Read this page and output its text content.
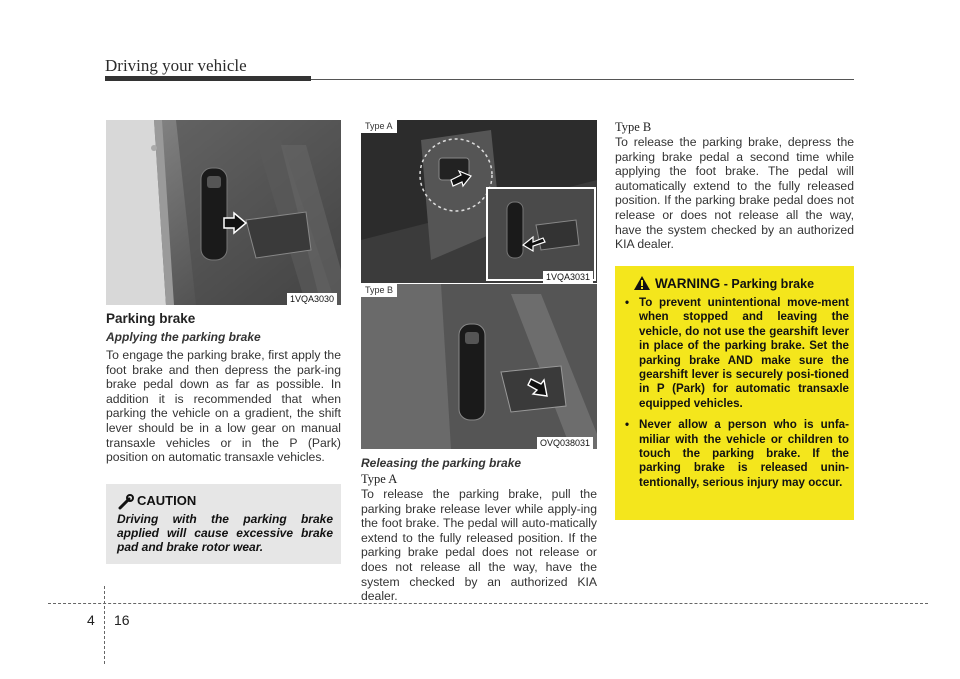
Driving your vehicle
1VQA3030
Type A
1VQA3031
Type B
OVQ038031
Parking brake
Applying the parking brake
To engage the parking brake, first apply the foot brake and then depress the park-ing brake pedal down as far as possible. In addition it is recommended that when parking the vehicle on a gradient, the shift lever should be in a low gear on manual transaxle vehicles or in the P (Park) position on automatic transaxle vehicles.
CAUTION
Driving with the parking brake applied will cause excessive brake pad and brake rotor wear.
Releasing the parking brake
Type A
To release the parking brake, pull the parking brake release lever while apply-ing the foot brake. The pedal will auto-matically extend to the fully released position. If the parking brake pedal does not release or does not release all the way, have the system checked by an authorized KIA dealer.
Type B
To release the parking brake, depress the parking brake pedal a second time while applying the foot brake. The pedal will automatically extend to the fully released position. If the parking brake pedal does not release or does not release all the way, have the system checked by an authorized KIA dealer.
WARNING - Parking brake
• To prevent unintentional move-ment when stopped and leaving the vehicle, do not use the gearshift lever in place of the parking brake. Set the parking brake AND make sure the gearshift lever is securely posi-tioned in P (Park) for automatic transaxle equipped vehicles.
• Never allow a person who is unfa-miliar with the vehicle or children to touch the parking brake. If the parking brake is released unin-tentionally, serious injury may occur.
4 16
